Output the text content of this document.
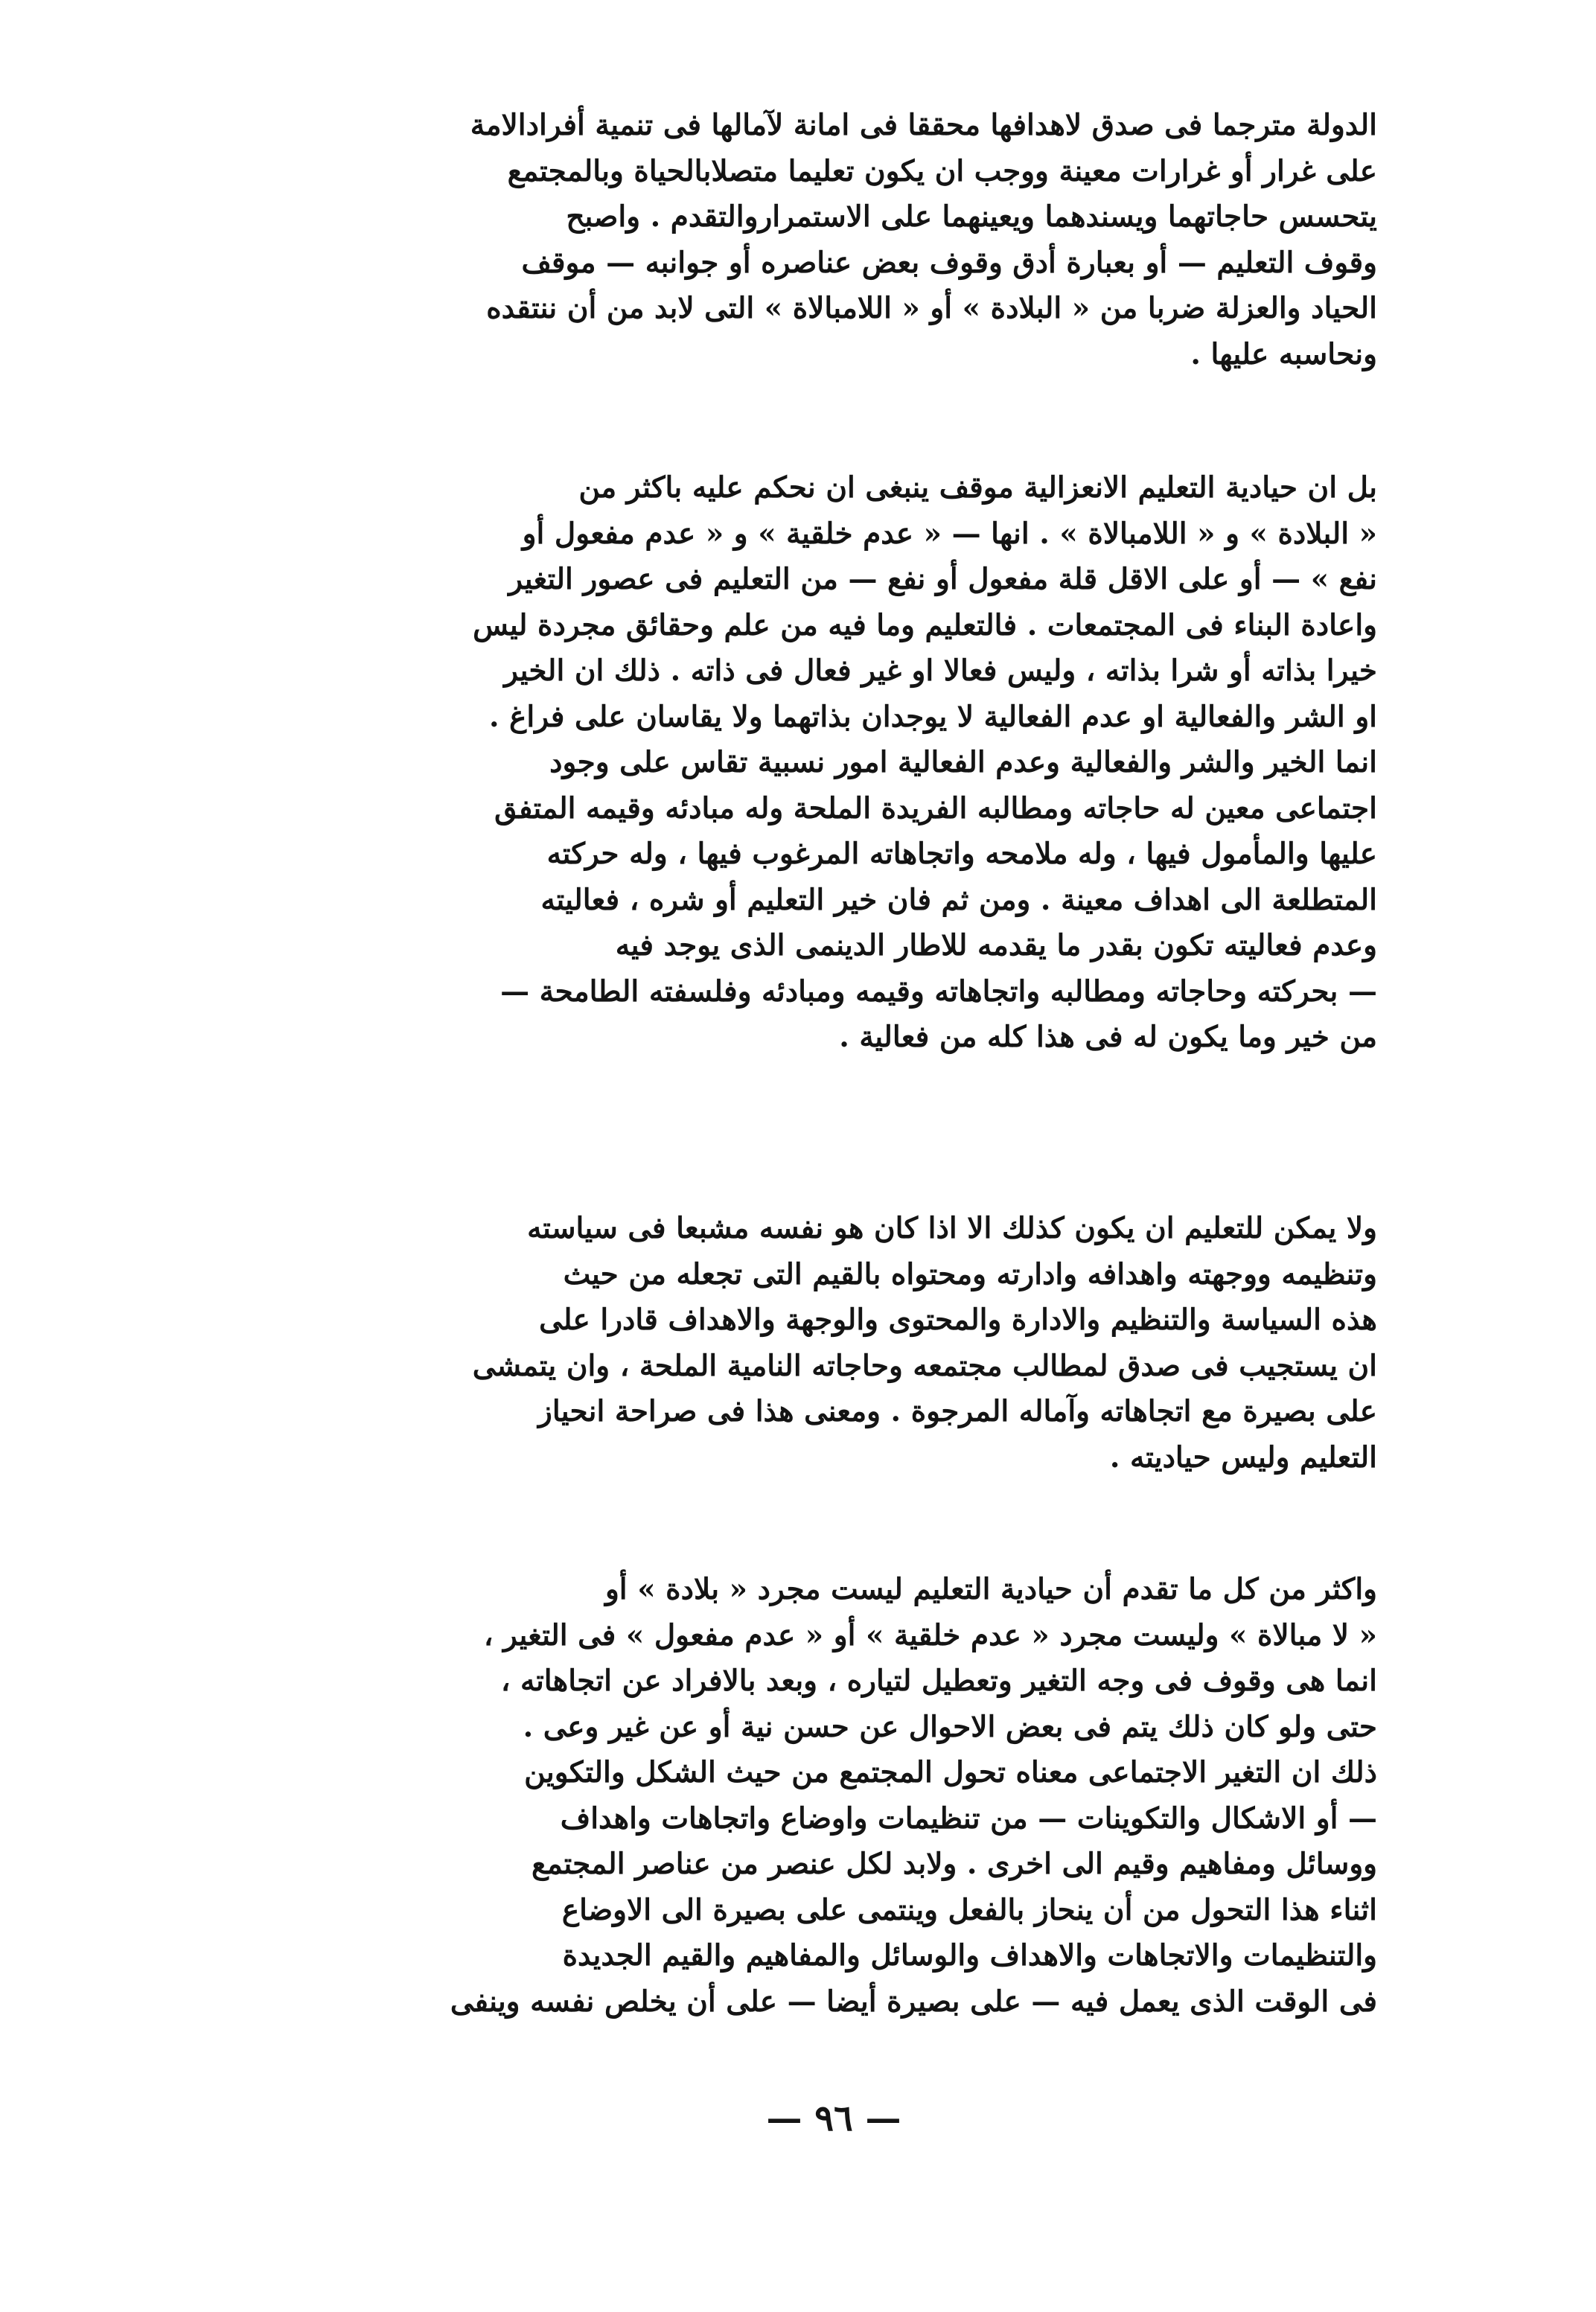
الدولة مترجما فى صدق لاهدافها محققا فى امانة لآمالها فى تنمية أفرادالامة
على غرار أو غرارات معينة ووجب ان يكون تعليما متصلابالحياة وبالمجتمع
يتحسس حاجاتهما ويسندهما ويعينهما على الاستمراروالتقدم . واصبح
وقوف التعليم — أو بعبارة أدق وقوف بعض عناصره أو جوانبه — موقف
الحياد والعزلة ضربا من « البلادة » أو « اللامبالاة » التى لابد من أن ننتقده
ونحاسبه عليها .

بل ان حيادية التعليم الانعزالية موقف ينبغى ان نحكم عليه باكثر من
« البلادة » و « اللامبالاة » . انها — « عدم خلقية » و « عدم مفعول أو
نفع » — أو على الاقل قلة مفعول أو نفع — من التعليم فى عصور التغير
واعادة البناء فى المجتمعات . فالتعليم وما فيه من علم وحقائق مجردة ليس
خيرا بذاته أو شرا بذاته ، وليس فعالا او غير فعال فى ذاته . ذلك ان الخير
او الشر والفعالية او عدم الفعالية لا يوجدان بذاتهما ولا يقاسان على فراغ .
انما الخير والشر والفعالية وعدم الفعالية امور نسبية تقاس على وجود
اجتماعى معين له حاجاته ومطالبه الفريدة الملحة وله مبادئه وقيمه المتفق
عليها والمأمول فيها ، وله ملامحه واتجاهاته المرغوب فيها ، وله حركته
المتطلعة الى اهداف معينة . ومن ثم فان خير التعليم أو شره ، فعاليته
وعدم فعاليته تكون بقدر ما يقدمه للاطار الدينمى الذى يوجد فيه
— بحركته وحاجاته ومطالبه واتجاهاته وقيمه ومبادئه وفلسفته الطامحة —
من خير وما يكون له فى هذا كله من فعالية .

ولا يمكن للتعليم ان يكون كذلك الا اذا كان هو نفسه مشبعا فى سياسته
وتنظيمه ووجهته واهدافه وادارته ومحتواه بالقيم التى تجعله من حيث
هذه السياسة والتنظيم والادارة والمحتوى والوجهة والاهداف قادرا على
ان يستجيب فى صدق لمطالب مجتمعه وحاجاته النامية الملحة ، وان يتمشى
على بصيرة مع اتجاهاته وآماله المرجوة . ومعنى هذا فى صراحة انحياز
التعليم وليس حياديته .

واكثر من كل ما تقدم أن حيادية التعليم ليست مجرد « بلادة » أو
« لا مبالاة » وليست مجرد « عدم خلقية » أو « عدم مفعول » فى التغير ،
انما هى وقوف فى وجه التغير وتعطيل لتياره ، وبعد بالافراد عن اتجاهاته ،
حتى ولو كان ذلك يتم فى بعض الاحوال عن حسن نية أو عن غير وعى .
ذلك ان التغير الاجتماعى معناه تحول المجتمع من حيث الشكل والتكوين
— أو الاشكال والتكوينات — من تنظيمات واوضاع واتجاهات واهداف
ووسائل ومفاهيم وقيم الى اخرى . ولابد لكل عنصر من عناصر المجتمع
اثناء هذا التحول من أن ينحاز بالفعل وينتمى على بصيرة الى الاوضاع
والتنظيمات والاتجاهات والاهداف والوسائل والمفاهيم والقيم الجديدة
فى الوقت الذى يعمل فيه — على بصيرة أيضا — على أن يخلص نفسه وينفى

— ٩٦ —
